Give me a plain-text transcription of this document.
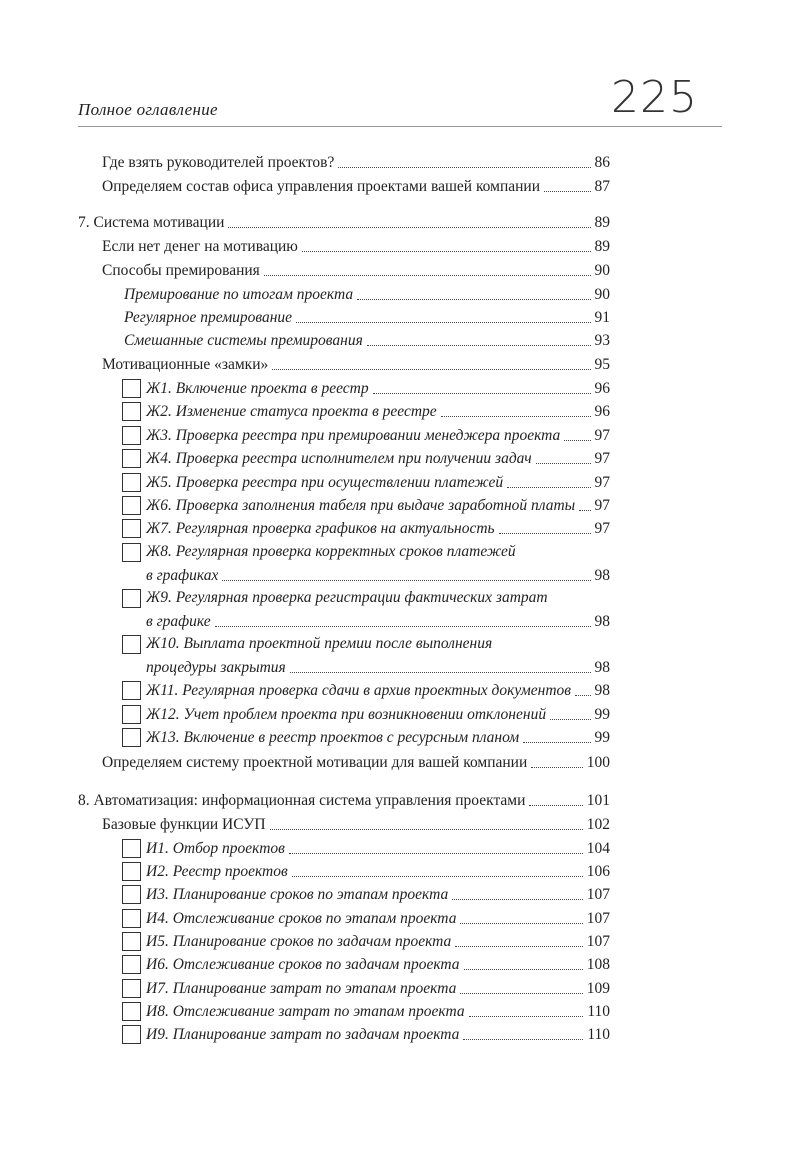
Полное оглавление	225
Где взять руководителей проектов?	86
Определяем состав офиса управления проектами вашей компании	87
7. Система мотивации	89
Если нет денег на мотивацию	89
Способы премирования	90
Премирование по итогам проекта	90
Регулярное премирование	91
Смешанные системы премирования	93
Мотивационные «замки»	95
Ж1. Включение проекта в реестр	96
Ж2. Изменение статуса проекта в реестре	96
Ж3. Проверка реестра при премировании менеджера проекта 97
Ж4. Проверка реестра исполнителем при получении задач	97
Ж5. Проверка реестра при осуществлении платежей	97
Ж6. Проверка заполнения табеля при выдаче заработной платы 97
Ж7. Регулярная проверка графиков на актуальность	97
Ж8. Регулярная проверка корректных сроков платежей
в графиках	98
Ж9. Регулярная проверка регистрации фактических затрат
в графике	98
Ж10. Выплата проектной премии после выполнения
процедуры закрытия	98
Ж11. Регулярная проверка сдачи в архив проектных документов 98
Ж12. Учет проблем проекта при возникновении отклонений	99
Ж13. Включение в реестр проектов с ресурсным планом	99
Определяем систему проектной мотивации для вашей компании	100
8. Автоматизация: информационная система управления проектами	101
Базовые функции ИСУП	102
И1. Отбор проектов	104
И2. Реестр проектов	106
И3. Планирование сроков по этапам проекта	107
И4. Отслеживание сроков по этапам проекта	107
И5. Планирование сроков по задачам проекта	107
И6. Отслеживание сроков по задачам проекта	108
И7. Планирование затрат по этапам проекта	109
И8. Отслеживание затрат по этапам проекта	110
И9. Планирование затрат по задачам проекта	110
